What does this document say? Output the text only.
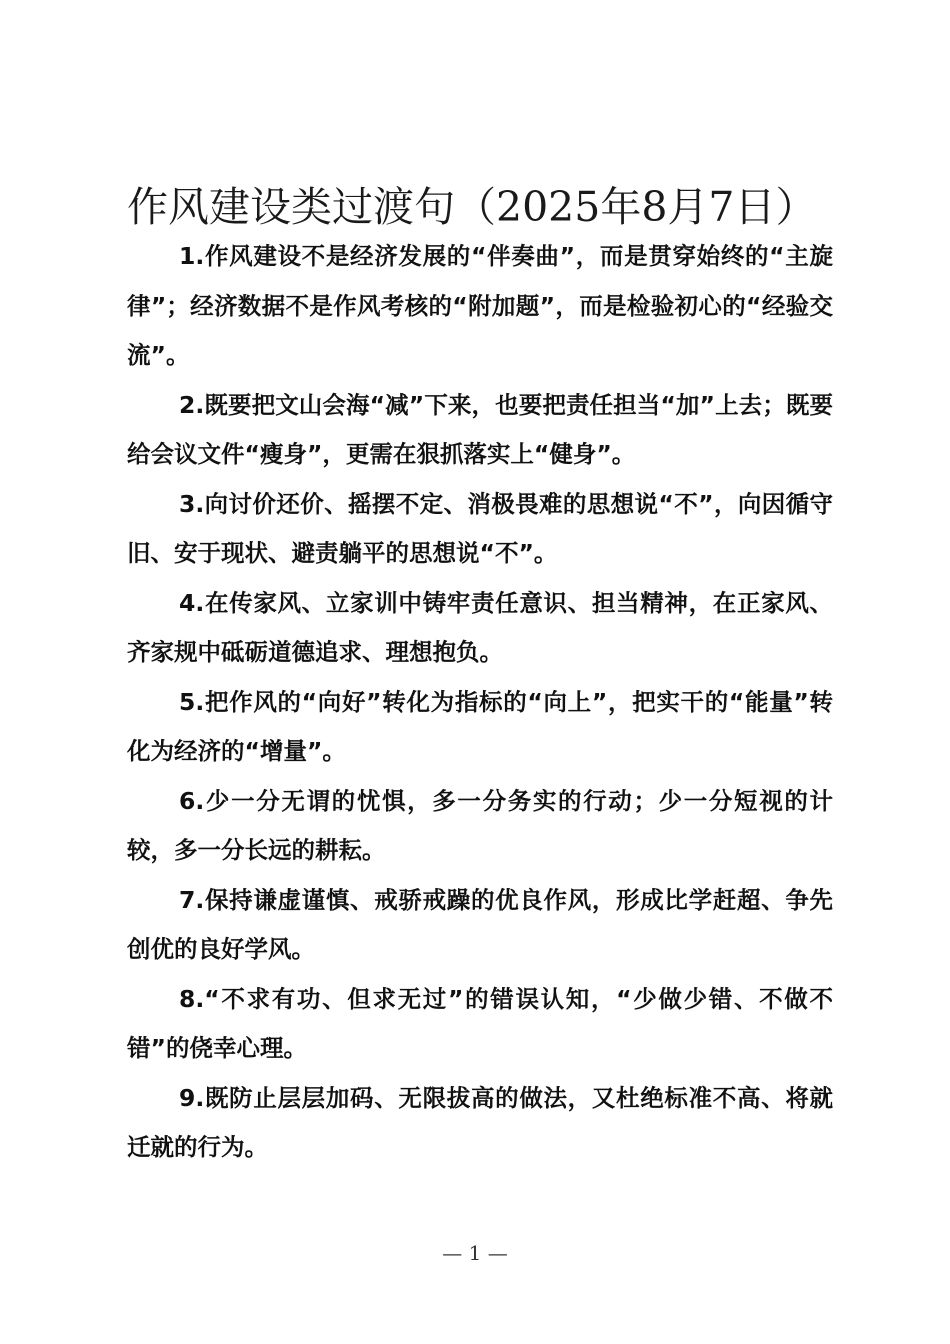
作风建设类过渡句（2025年8月7日）

1.作风建设不是经济发展的“伴奏曲”，而是贯穿始终的“主旋律”；经济数据不是作风考核的“附加题”，而是检验初心的“经验交流”。

2.既要把文山会海“减”下来，也要把责任担当“加”上去；既要给会议文件“瘦身”，更需在狠抓落实上“健身”。

3.向讨价还价、摇摆不定、消极畏难的思想说“不”，向因循守旧、安于现状、避责躺平的思想说“不”。

4.在传家风、立家训中铸牢责任意识、担当精神，在正家风、齐家规中砥砺道德追求、理想抱负。

5.把作风的“向好”转化为指标的“向上”，把实干的“能量”转化为经济的“增量”。

6.少一分无谓的忧惧，多一分务实的行动；少一分短视的计较，多一分长远的耕耘。

7.保持谦虚谨慎、戒骄戒躁的优良作风，形成比学赶超、争先创优的良好学风。

8.“不求有功、但求无过”的错误认知，“少做少错、不做不错”的侥幸心理。

9.既防止层层加码、无限拔高的做法，又杜绝标准不高、将就迁就的行为。

— 1 —
